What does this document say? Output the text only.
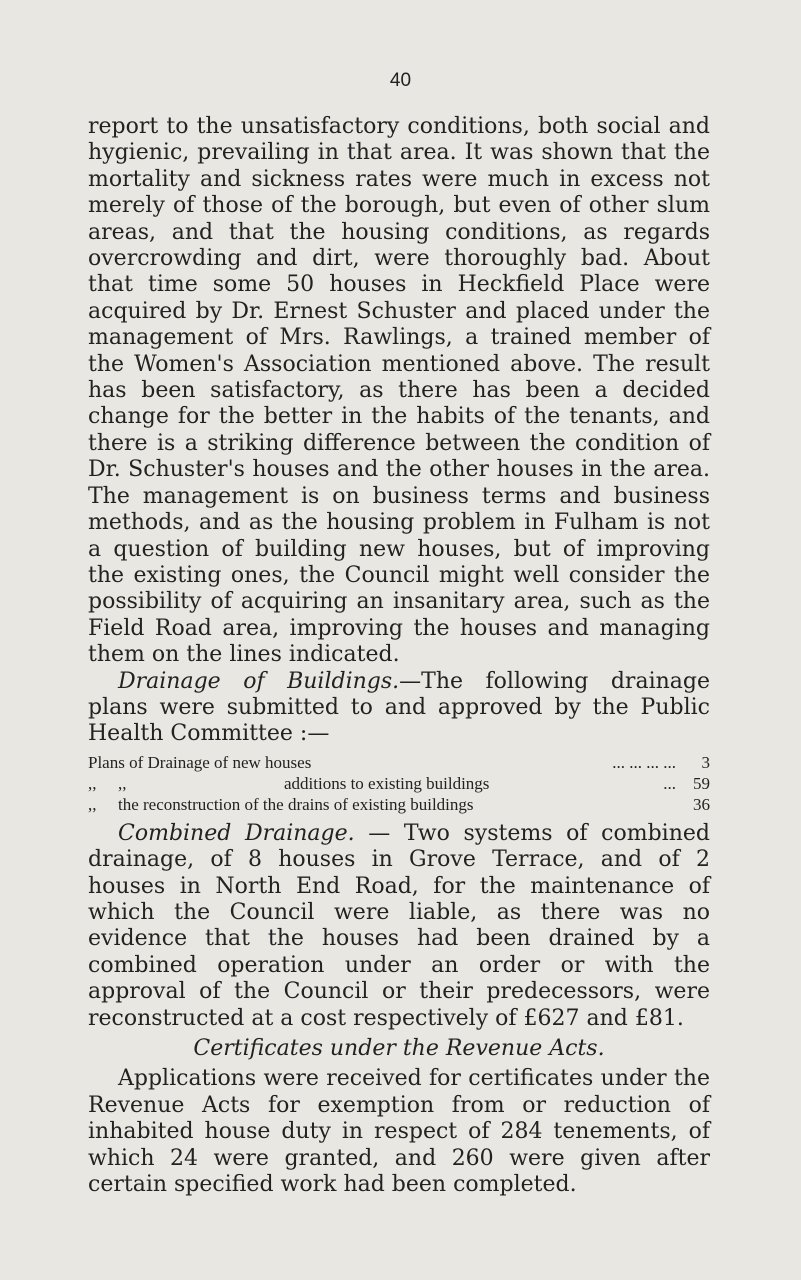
40

report to the unsatisfactory conditions, both social and hygienic, prevailing in that area. It was shown that the mortality and sickness rates were much in excess not merely of those of the borough, but even of other slum areas, and that the housing conditions, as regards overcrowding and dirt, were thoroughly bad. About that time some 50 houses in Heckfield Place were acquired by Dr. Ernest Schuster and placed under the management of Mrs. Rawlings, a trained member of the Women's Association mentioned above. The result has been satisfactory, as there has been a decided change for the better in the habits of the tenants, and there is a striking difference between the condition of Dr. Schuster's houses and the other houses in the area. The management is on business terms and business methods, and as the housing problem in Fulham is not a question of building new houses, but of improving the existing ones, the Council might well consider the possibility of acquiring an insanitary area, such as the Field Road area, improving the houses and managing them on the lines indicated.

Drainage of Buildings.—The following drainage plans were submitted to and approved by the Public Health Committee :—

Plans of Drainage of new houses	... ... ... ...	3
,,	,,	additions to existing buildings	...	59
,,	the reconstruction of the drains of existing buildings	36

Combined Drainage. — Two systems of combined drainage, of 8 houses in Grove Terrace, and of 2 houses in North End Road, for the maintenance of which the Council were liable, as there was no evidence that the houses had been drained by a combined operation under an order or with the approval of the Council or their predecessors, were reconstructed at a cost respectively of £627 and £81.

Certificates under the Revenue Acts.

Applications were received for certificates under the Revenue Acts for exemption from or reduction of inhabited house duty in respect of 284 tenements, of which 24 were granted, and 260 were given after certain specified work had been completed.
